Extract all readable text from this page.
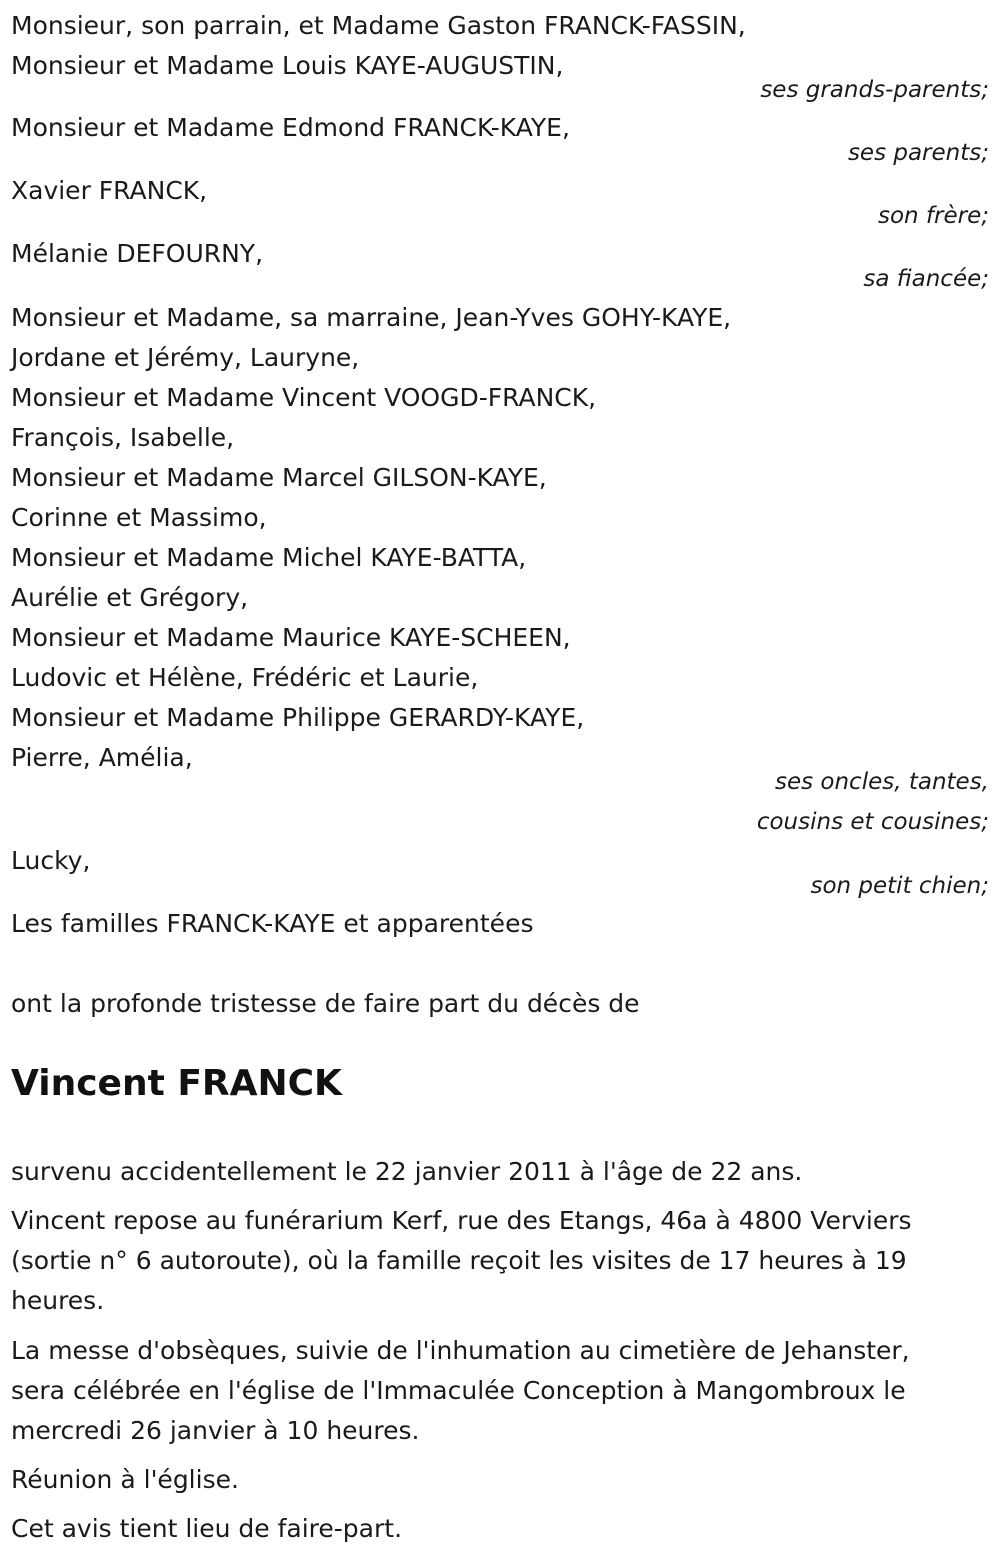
Monsieur, son parrain, et Madame Gaston FRANCK-FASSIN,
Monsieur et Madame Louis KAYE-AUGUSTIN,
ses grands-parents;
Monsieur et Madame Edmond FRANCK-KAYE,
ses parents;
Xavier FRANCK,
son frère;
Mélanie DEFOURNY,
sa fiancée;
Monsieur et Madame, sa marraine, Jean-Yves GOHY-KAYE,
Jordane et Jérémy, Lauryne,
Monsieur et Madame Vincent VOOGD-FRANCK,
François, Isabelle,
Monsieur et Madame Marcel GILSON-KAYE,
Corinne et Massimo,
Monsieur et Madame Michel KAYE-BATTA,
Aurélie et Grégory,
Monsieur et Madame Maurice KAYE-SCHEEN,
Ludovic et Hélène, Frédéric et Laurie,
Monsieur et Madame Philippe GERARDY-KAYE,
Pierre, Amélia,
ses oncles, tantes,
cousins et cousines;
Lucky,
son petit chien;
Les familles FRANCK-KAYE et apparentées
ont la profonde tristesse de faire part du décès de
Vincent FRANCK
survenu accidentellement le 22 janvier 2011 à l'âge de 22 ans.
Vincent repose au funérarium Kerf, rue des Etangs, 46a à 4800 Verviers
(sortie n° 6 autoroute), où la famille reçoit les visites de 17 heures à 19
heures.
La messe d'obsèques, suivie de l'inhumation au cimetière de Jehanster,
sera célébrée en l'église de l'Immaculée Conception à Mangombroux le
mercredi 26 janvier à 10 heures.
Réunion à l'église.
Cet avis tient lieu de faire-part.
